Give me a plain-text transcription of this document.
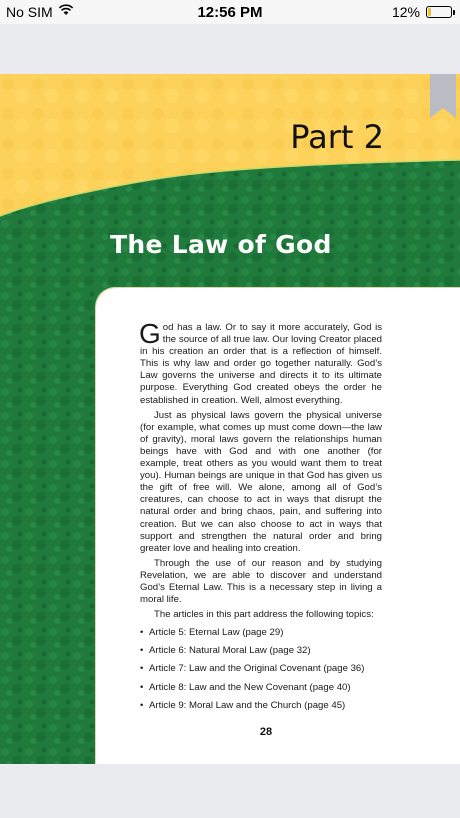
No SIM	12:56 PM	12%
Part 2
The Law of God

God has a law. Or to say it more accurately, God is the source of all true law. Our loving Creator placed in his creation an order that is a reflection of himself. This is why law and order go together naturally. God’s Law governs the universe and directs it to its ultimate purpose. Everything God created obeys the order he established in creation. Well, almost everything.

Just as physical laws govern the physical universe (for example, what comes up must come down—the law of gravity), moral laws govern the relationships human beings have with God and with one another (for example, treat others as you would want them to treat you). Human beings are unique in that God has given us the gift of free will. We alone, among all of God’s creatures, can choose to act in ways that disrupt the natural order and bring chaos, pain, and suffering into creation. But we can also choose to act in ways that support and strengthen the natural order and bring greater love and healing into creation.

Through the use of our reason and by studying Revelation, we are able to discover and understand God’s Eternal Law. This is a necessary step in living a moral life.

The articles in this part address the following topics:

• Article 5: Eternal Law (page 29)
• Article 6: Natural Moral Law (page 32)
• Article 7: Law and the Original Covenant (page 36)
• Article 8: Law and the New Covenant (page 40)
• Article 9: Moral Law and the Church (page 45)
28
